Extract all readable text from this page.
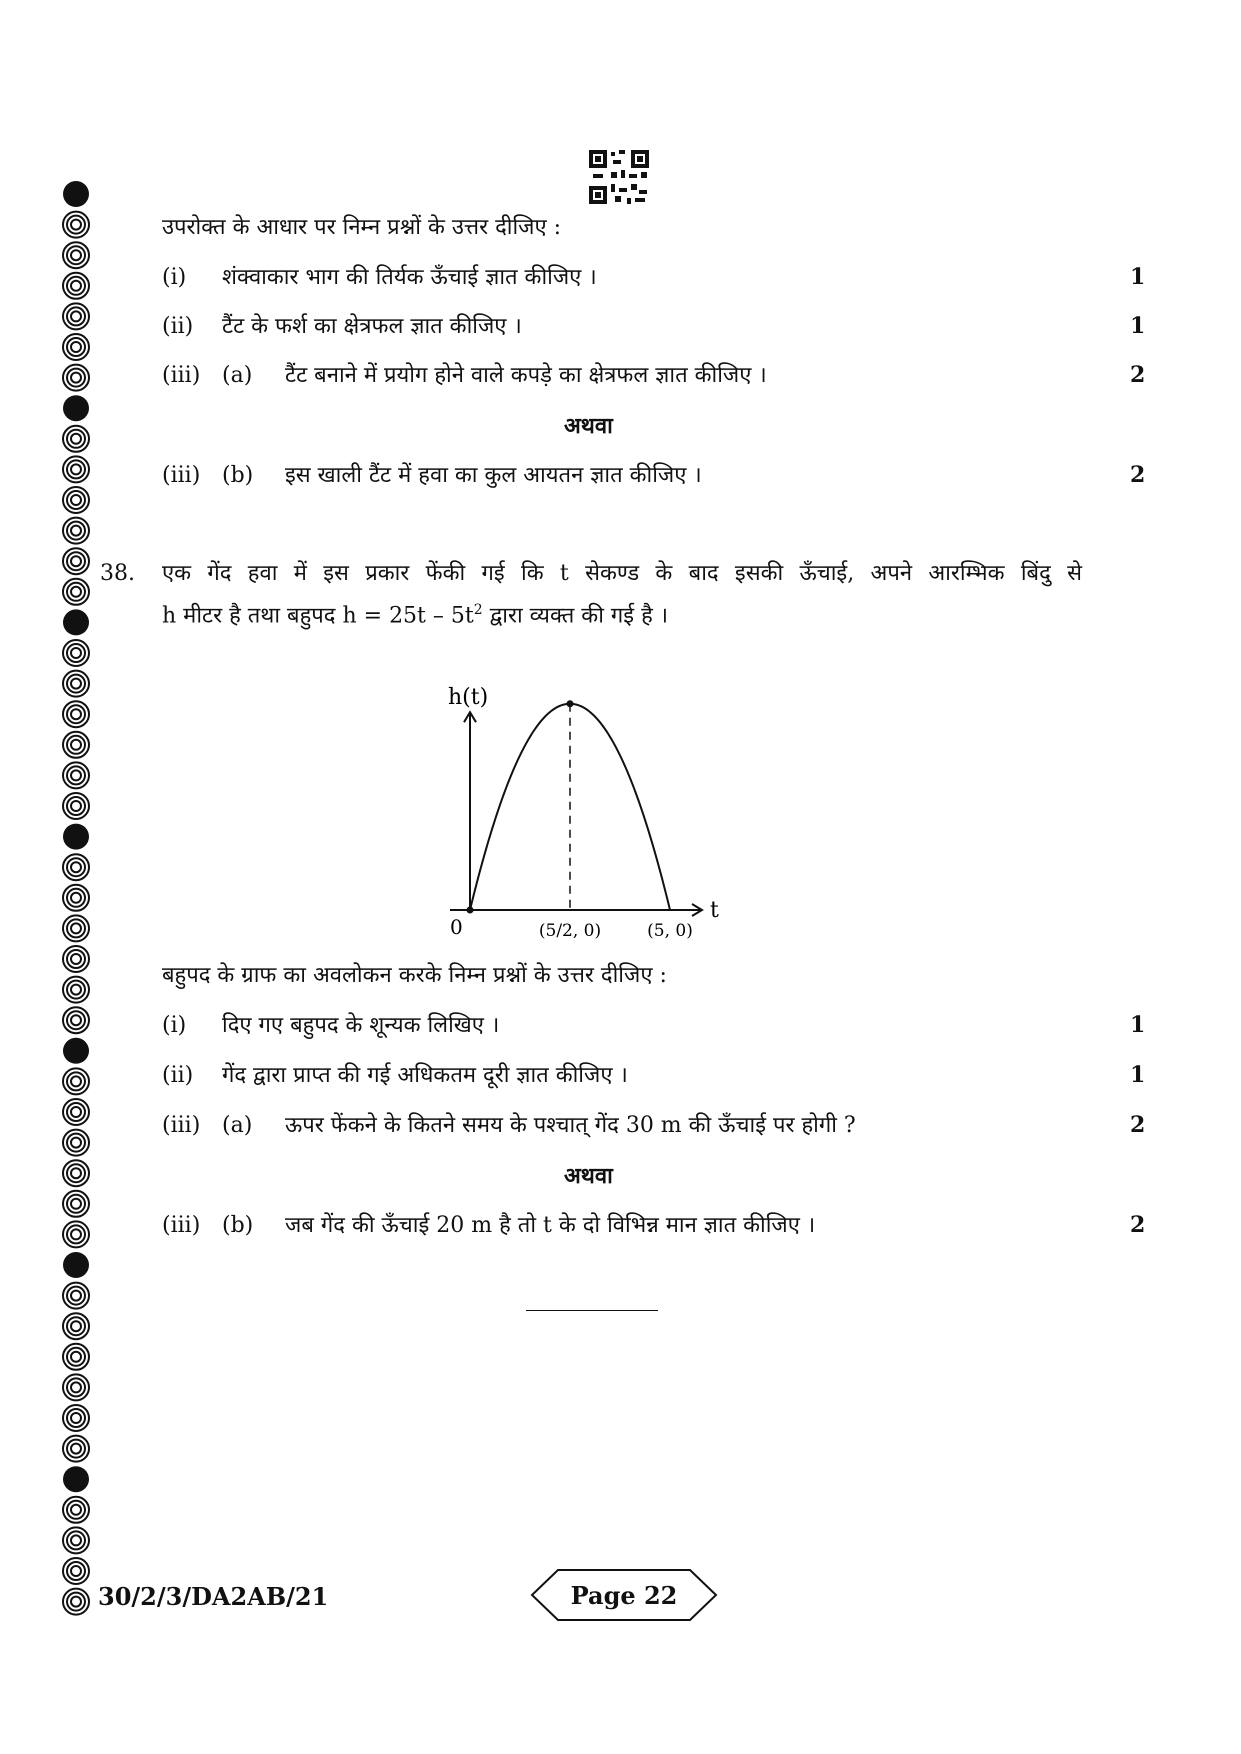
उपरोक्त के आधार पर निम्न प्रश्नों के उत्तर दीजिए :
(i) शंक्वाकार भाग की तिर्यक ऊँचाई ज्ञात कीजिए ।	1
(ii) टैंट के फर्श का क्षेत्रफल ज्ञात कीजिए ।	1
(iii) (a) टैंट बनाने में प्रयोग होने वाले कपड़े का क्षेत्रफल ज्ञात कीजिए ।	2
अथवा
(iii) (b) इस खाली टैंट में हवा का कुल आयतन ज्ञात कीजिए ।	2
38. एक गेंद हवा में इस प्रकार फेंकी गई कि t सेकण्ड के बाद इसकी ऊँचाई, अपने आरम्भिक बिंदु से
h मीटर है तथा बहुपद $h = 25t - 5t^2$ द्वारा व्यक्त की गई है ।
h(t)
t
0	(5/2, 0)	(5, 0)
बहुपद के ग्राफ का अवलोकन करके निम्न प्रश्नों के उत्तर दीजिए :
(i) दिए गए बहुपद के शून्यक लिखिए ।	1
(ii) गेंद द्वारा प्राप्त की गई अधिकतम दूरी ज्ञात कीजिए ।	1
(iii) (a) ऊपर फेंकने के कितने समय के पश्चात् गेंद 30 m की ऊँचाई पर होगी ?	2
अथवा
(iii) (b) जब गेंद की ऊँचाई 20 m है तो t के दो विभिन्न मान ज्ञात कीजिए ।	2
30/2/3/DA2AB/21	Page 22
